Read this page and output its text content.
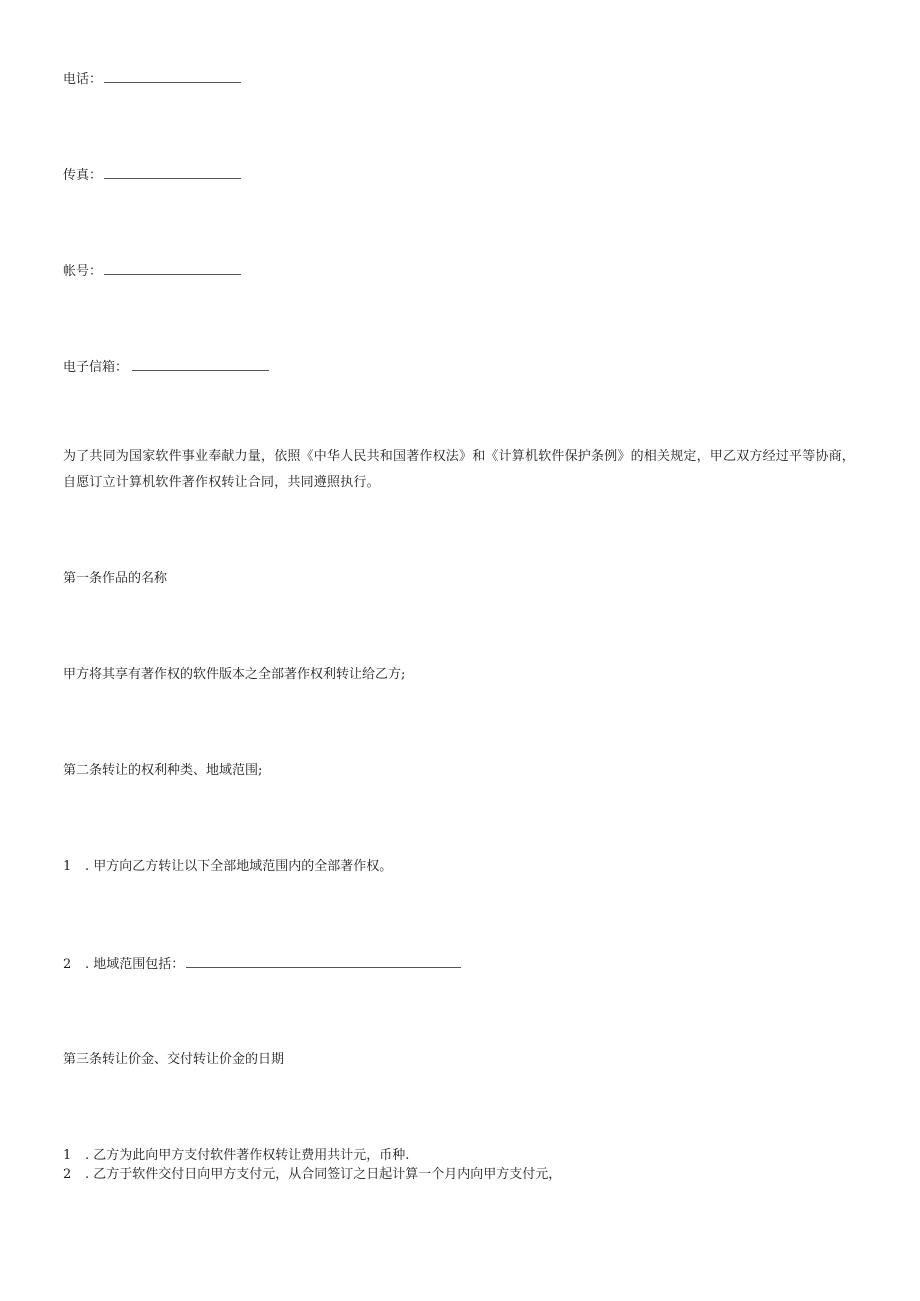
电话：
传真：
帐号：
电子信箱：
为了共同为国家软件事业奉献力量，依照《中华人民共和国著作权法》和《计算机软件保护条例》的相关规定，甲乙双方经过平等协商，
自愿订立计算机软件著作权转让合同，共同遵照执行。
第一条作品的名称
甲方将其享有著作权的软件版本之全部著作权利转让给乙方;
第二条转让的权利种类、地域范围;
1 . 甲方向乙方转让以下全部地域范围内的全部著作权。
2 . 地域范围包括：
第三条转让价金、交付转让价金的日期
1 . 乙方为此向甲方支付软件著作权转让费用共计元，币种.
2 . 乙方于软件交付日向甲方支付元，从合同签订之日起计算一个月内向甲方支付元，
